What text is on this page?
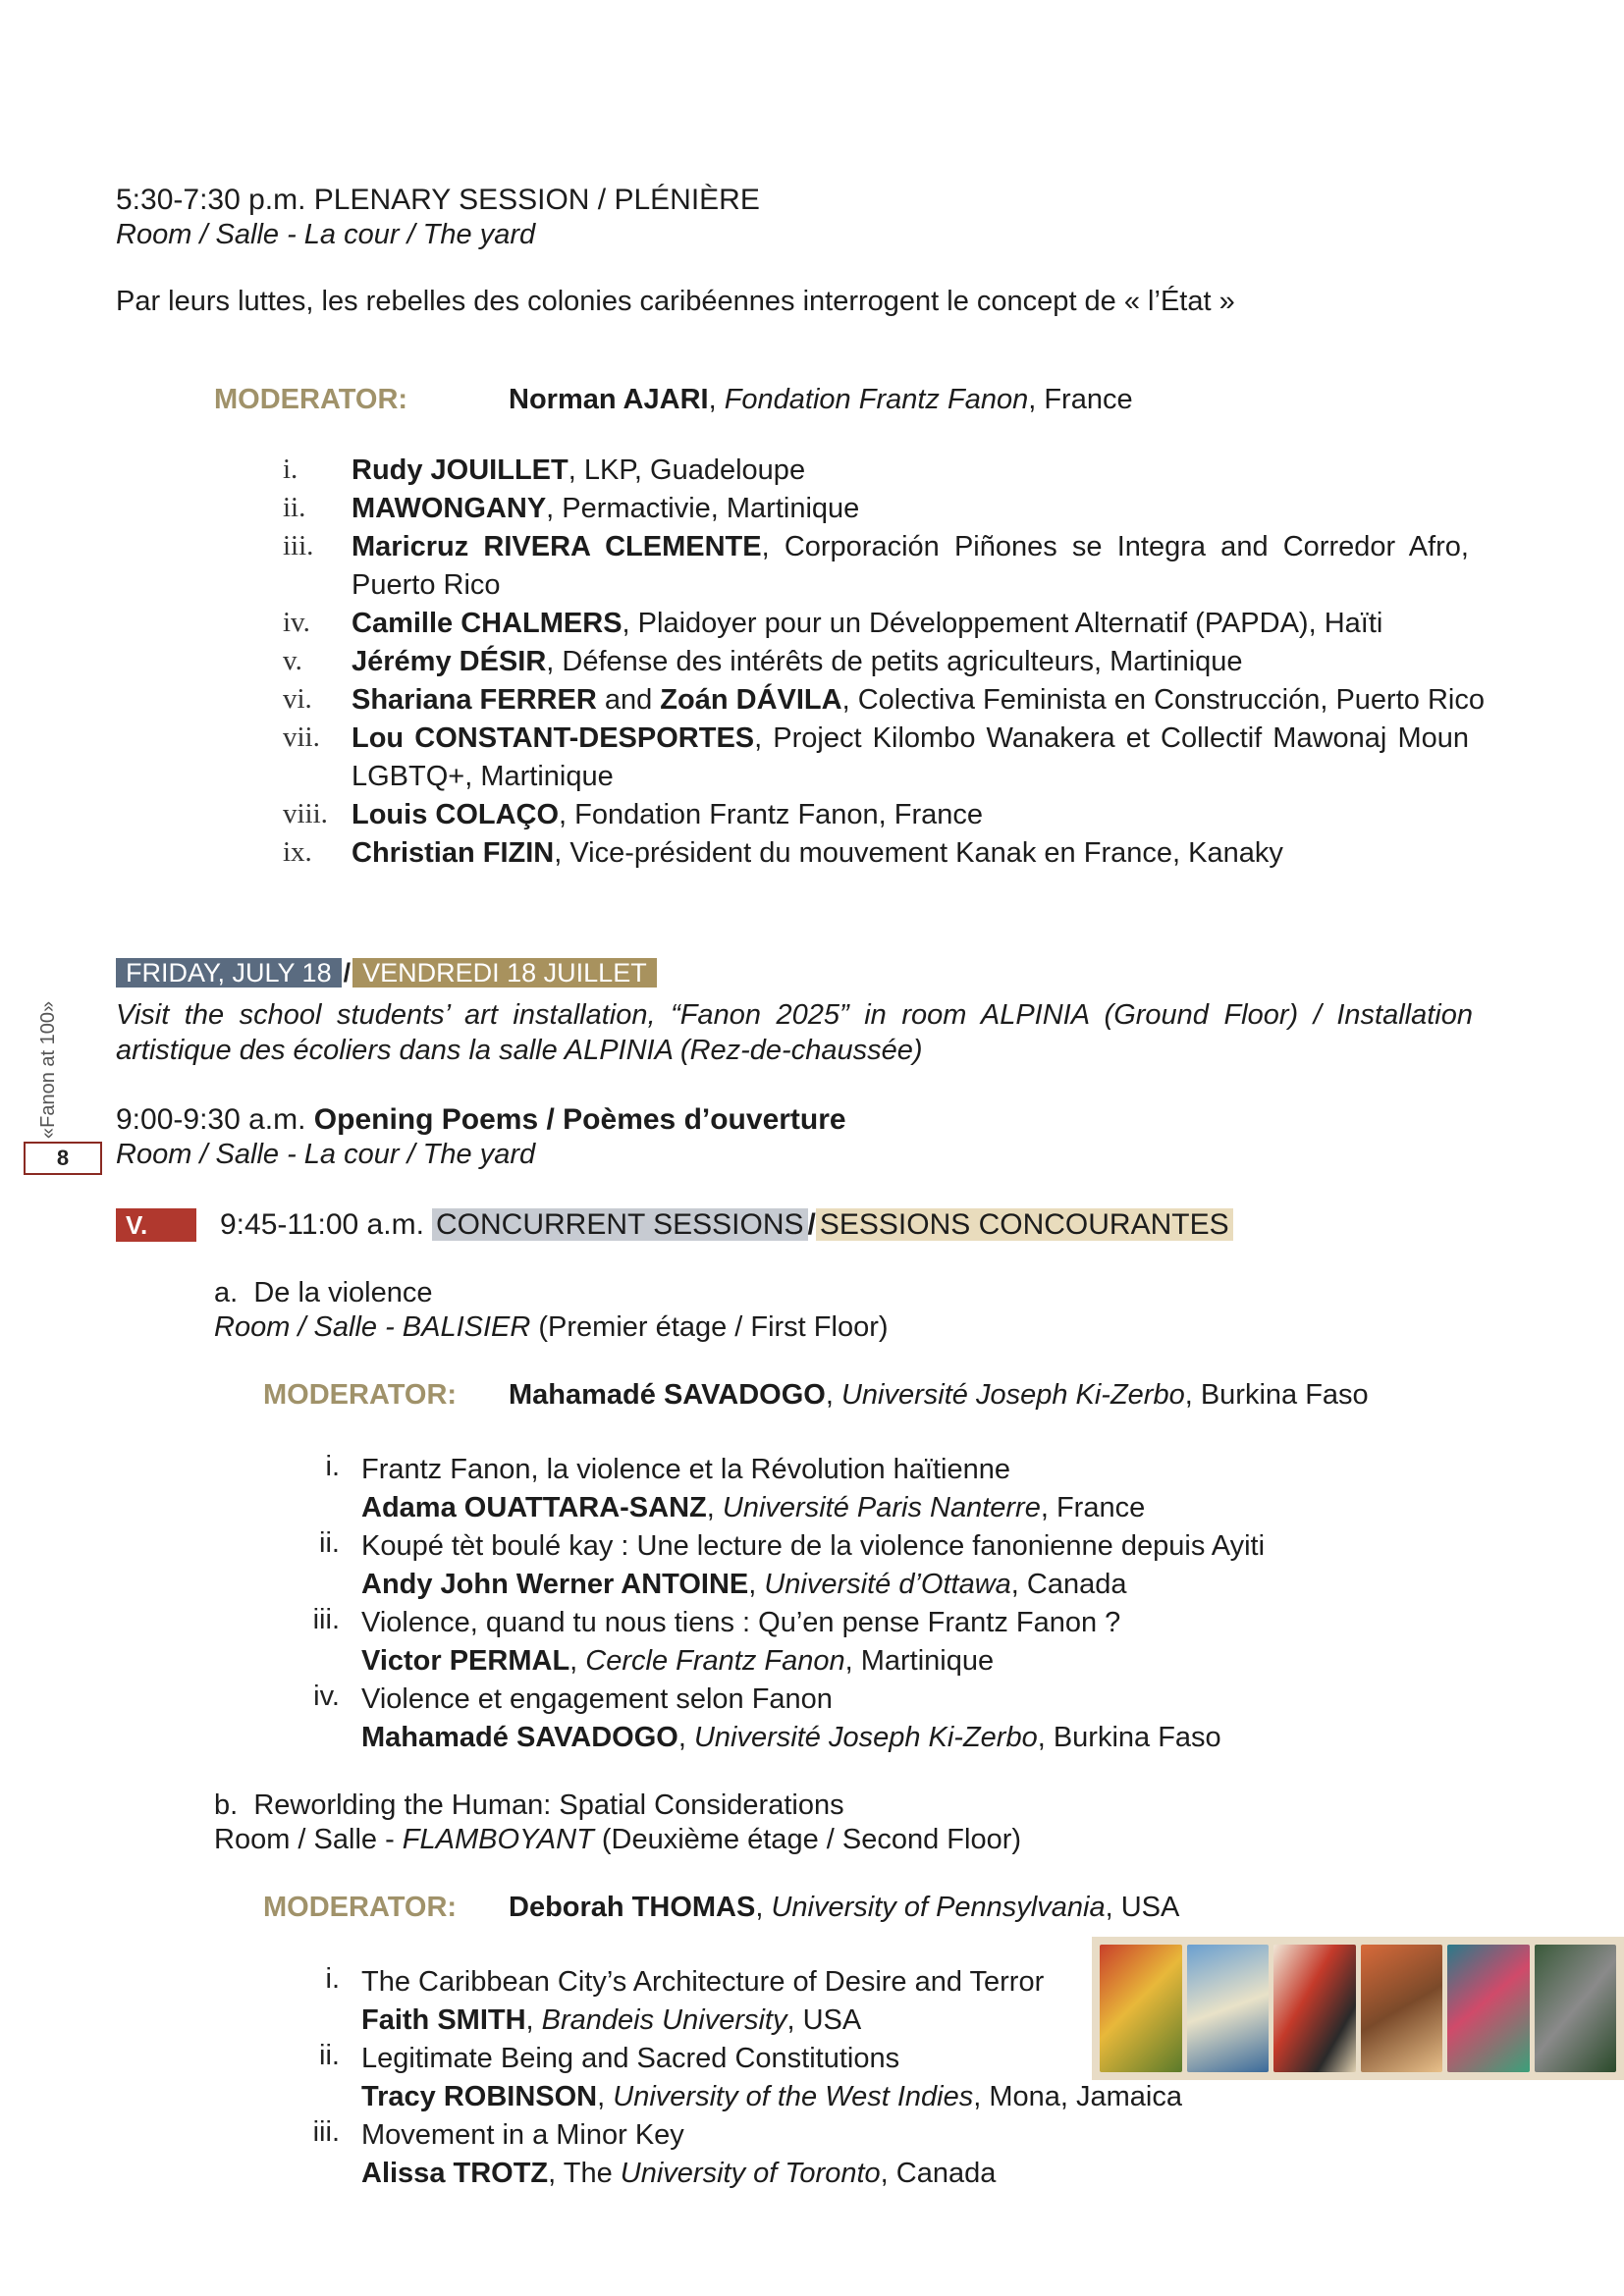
5:30-7:30 p.m. PLENARY SESSION / PLÉNIÈRE
Room / Salle - La cour / The yard
Par leurs luttes, les rebelles des colonies caribéennes interrogent le concept de « l’État »
MODERATOR:	Norman AJARI, Fondation Frantz Fanon, France
i. Rudy JOUILLET, LKP, Guadeloupe
ii. MAWONGANY, Permactivie, Martinique
iii. Maricruz RIVERA CLEMENTE, Corporación Piñones se Integra and Corredor Afro, Puerto Rico
iv. Camille CHALMERS, Plaidoyer pour un Développement Alternatif (PAPDA), Haïti
v. Jérémy DÉSIR, Défense des intérêts de petits agriculteurs, Martinique
vi. Shariana FERRER and Zoán DÁVILA, Colectiva Feminista en Construcción, Puerto Rico
vii. Lou CONSTANT-DESPORTES, Project Kilombo Wanakera et Collectif Mawonaj Moun LGBTQ+, Martinique
viii. Louis COLAÇO, Fondation Frantz Fanon, France
ix. Christian FIZIN, Vice-président du mouvement Kanak en France, Kanaky
«Fanon at 100»
8
FRIDAY, JULY 18 / VENDREDI 18 JUILLET
Visit the school students’ art installation, “Fanon 2025” in room ALPINIA (Ground Floor) / Installation artistique des écoliers dans la salle ALPINIA (Rez-de-chaussée)
9:00-9:30 a.m. Opening Poems / Poèmes d’ouverture
Room / Salle - La cour / The yard
V.	9:45-11:00 a.m. CONCURRENT SESSIONS / SESSIONS CONCOURANTES
a. De la violence
Room / Salle - BALISIER (Premier étage / First Floor)
MODERATOR: Mahamadé SAVADOGO, Université Joseph Ki-Zerbo, Burkina Faso
i. Frantz Fanon, la violence et la Révolution haïtienne
Adama OUATTARA-SANZ, Université Paris Nanterre, France
ii. Koupé tèt boulé kay : Une lecture de la violence fanonienne depuis Ayiti
Andy John Werner ANTOINE, Université d’Ottawa, Canada
iii. Violence, quand tu nous tiens : Qu’en pense Frantz Fanon ?
Victor PERMAL, Cercle Frantz Fanon, Martinique
iv. Violence et engagement selon Fanon
Mahamadé SAVADOGO, Université Joseph Ki-Zerbo, Burkina Faso
b. Reworlding the Human: Spatial Considerations
Room / Salle - FLAMBOYANT (Deuxième étage / Second Floor)
MODERATOR: Deborah THOMAS, University of Pennsylvania, USA
i. The Caribbean City’s Architecture of Desire and Terror
Faith SMITH, Brandeis University, USA
ii. Legitimate Being and Sacred Constitutions
Tracy ROBINSON, University of the West Indies, Mona, Jamaica
iii. Movement in a Minor Key
Alissa TROTZ, The University of Toronto, Canada
